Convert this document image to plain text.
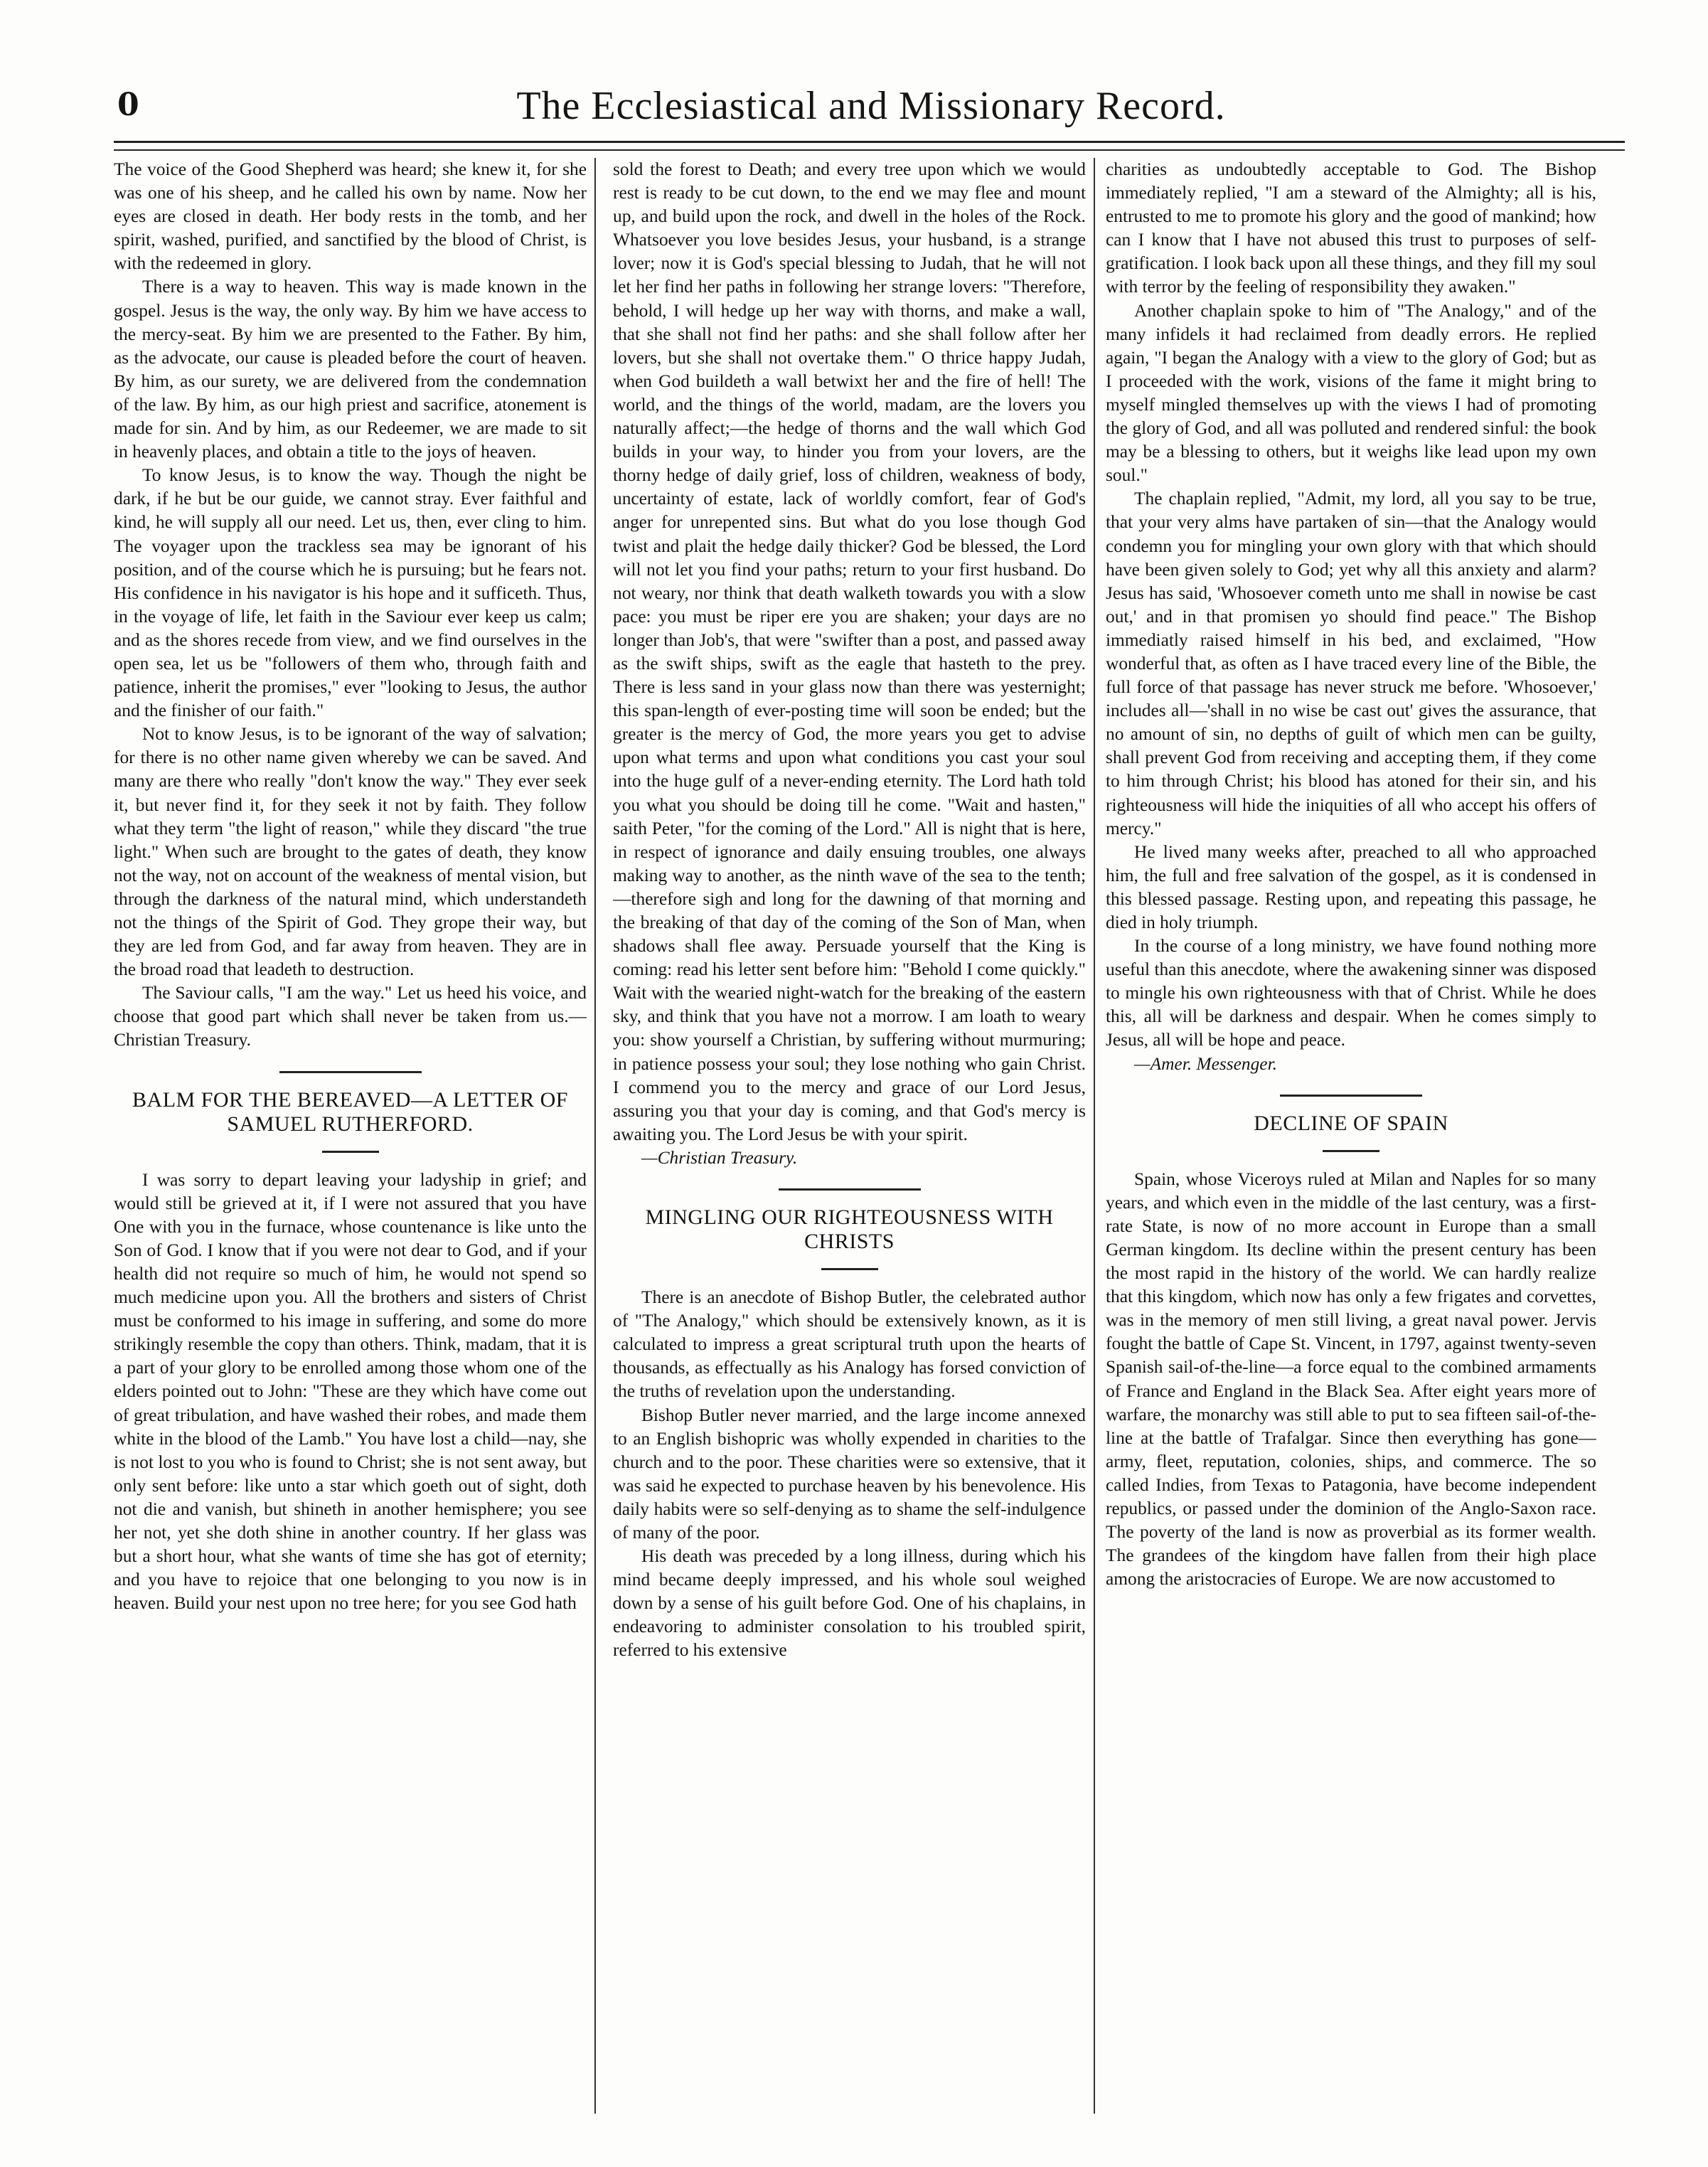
0	The Ecclesiastical and Missionary Record.

The voice of the Good Shepherd was heard; she knew it, for she was one of his sheep, and he called his own by name. Now her eyes are closed in death. Her body rests in the tomb, and her spirit, washed, purified, and sanctified by the blood of Christ, is with the redeemed in glory.

There is a way to heaven. This way is made known in the gospel. Jesus is the way, the only way. By him we have access to the mercy-seat. By him we are presented to the Father. By him, as the advocate, our cause is pleaded before the court of heaven. By him, as our surety, we are delivered from the condemnation of the law. By him, as our high priest and sacrifice, atonement is made for sin. And by him, as our Redeemer, we are made to sit in heavenly places, and obtain a title to the joys of heaven.

To know Jesus, is to know the way. Though the night be dark, if he but be our guide, we cannot stray. Ever faithful and kind, he will supply all our need. Let us, then, ever cling to him. The voyager upon the trackless sea may be ignorant of his position, and of the course which he is pursuing; but he fears not. His confidence in his navigator is his hope and it sufficeth. Thus, in the voyage of life, let faith in the Saviour ever keep us calm; and as the shores recede from view, and we find ourselves in the open sea, let us be "followers of them who, through faith and patience, inherit the promises," ever "looking to Jesus, the author and the finisher of our faith."

Not to know Jesus, is to be ignorant of the way of salvation; for there is no other name given whereby we can be saved. And many are there who really "don't know the way." They ever seek it, but never find it, for they seek it not by faith. They follow what they term "the light of reason," while they discard "the true light." When such are brought to the gates of death, they know not the way, not on account of the weakness of mental vision, but through the darkness of the natural mind, which understandeth not the things of the Spirit of God. They grope their way, but they are led from God, and far away from heaven. They are in the broad road that leadeth to destruction.

The Saviour calls, "I am the way." Let us heed his voice, and choose that good part which shall never be taken from us.—Christian Treasury.

BALM FOR THE BEREAVED—A LETTER OF SAMUEL RUTHERFORD.

I was sorry to depart leaving your ladyship in grief; and would still be grieved at it, if I were not assured that you have One with you in the furnace, whose countenance is like unto the Son of God. I know that if you were not dear to God, and if your health did not require so much of him, he would not spend so much medicine upon you. All the brothers and sisters of Christ must be conformed to his image in suffering, and some do more strikingly resemble the copy than others. Think, madam, that it is a part of your glory to be enrolled among those whom one of the elders pointed out to John: "These are they which have come out of great tribulation, and have washed their robes, and made them white in the blood of the Lamb." You have lost a child—nay, she is not lost to you who is found to Christ; she is not sent away, but only sent before: like unto a star which goeth out of sight, doth not die and vanish, but shineth in another hemisphere; you see her not, yet she doth shine in another country. If her glass was but a short hour, what she wants of time she has got of eternity; and you have to rejoice that one belonging to you now is in heaven. Build your nest upon no tree here; for you see God hath

sold the forest to Death; and every tree upon which we would rest is ready to be cut down, to the end we may flee and mount up, and build upon the rock, and dwell in the holes of the Rock. Whatsoever you love besides Jesus, your husband, is a strange lover; now it is God's special blessing to Judah, that he will not let her find her paths in following her strange lovers: "Therefore, behold, I will hedge up her way with thorns, and make a wall, that she shall not find her paths: and she shall follow after her lovers, but she shall not overtake them." O thrice happy Judah, when God buildeth a wall betwixt her and the fire of hell! The world, and the things of the world, madam, are the lovers you naturally affect;—the hedge of thorns and the wall which God builds in your way, to hinder you from your lovers, are the thorny hedge of daily grief, loss of children, weakness of body, uncertainty of estate, lack of worldly comfort, fear of God's anger for unrepented sins. But what do you lose though God twist and plait the hedge daily thicker? God be blessed, the Lord will not let you find your paths; return to your first husband. Do not weary, nor think that death walketh towards you with a slow pace: you must be riper ere you are shaken; your days are no longer than Job's, that were "swifter than a post, and passed away as the swift ships, swift as the eagle that hasteth to the prey. There is less sand in your glass now than there was yesternight; this span-length of ever-posting time will soon be ended; but the greater is the mercy of God, the more years you get to advise upon what terms and upon what conditions you cast your soul into the huge gulf of a never-ending eternity. The Lord hath told you what you should be doing till he come. "Wait and hasten," saith Peter, "for the coming of the Lord." All is night that is here, in respect of ignorance and daily ensuing troubles, one always making way to another, as the ninth wave of the sea to the tenth;—therefore sigh and long for the dawning of that morning and the breaking of that day of the coming of the Son of Man, when shadows shall flee away. Persuade yourself that the King is coming: read his letter sent before him: "Behold I come quickly." Wait with the wearied night-watch for the breaking of the eastern sky, and think that you have not a morrow. I am loath to weary you: show yourself a Christian, by suffering without murmuring; in patience possess your soul; they lose nothing who gain Christ. I commend you to the mercy and grace of our Lord Jesus, assuring you that your day is coming, and that God's mercy is awaiting you. The Lord Jesus be with your spirit.

—Christian Treasury.

MINGLING OUR RIGHTEOUSNESS WITH CHRISTS

There is an anecdote of Bishop Butler, the celebrated author of "The Analogy," which should be extensively known, as it is calculated to impress a great scriptural truth upon the hearts of thousands, as effectually as his Analogy has forsed conviction of the truths of revelation upon the understanding.

Bishop Butler never married, and the large income annexed to an English bishopric was wholly expended in charities to the church and to the poor. These charities were so extensive, that it was said he expected to purchase heaven by his benevolence. His daily habits were so self-denying as to shame the self-indulgence of many of the poor.

His death was preceded by a long illness, during which his mind became deeply impressed, and his whole soul weighed down by a sense of his guilt before God. One of his chaplains, in endeavoring to administer consolation to his troubled spirit, referred to his extensive

charities as undoubtedly acceptable to God. The Bishop immediately replied, "I am a steward of the Almighty; all is his, entrusted to me to promote his glory and the good of mankind; how can I know that I have not abused this trust to purposes of self-gratification. I look back upon all these things, and they fill my soul with terror by the feeling of responsibility they awaken."

Another chaplain spoke to him of "The Analogy," and of the many infidels it had reclaimed from deadly errors. He replied again, "I began the Analogy with a view to the glory of God; but as I proceeded with the work, visions of the fame it might bring to myself mingled themselves up with the views I had of promoting the glory of God, and all was polluted and rendered sinful: the book may be a blessing to others, but it weighs like lead upon my own soul."

The chaplain replied, "Admit, my lord, all you say to be true, that your very alms have partaken of sin—that the Analogy would condemn you for mingling your own glory with that which should have been given solely to God; yet why all this anxiety and alarm? Jesus has said, 'Whosoever cometh unto me shall in nowise be cast out,' and in that promisen yo should find peace." The Bishop immediatly raised himself in his bed, and exclaimed, "How wonderful that, as often as I have traced every line of the Bible, the full force of that passage has never struck me before. 'Whosoever,' includes all—'shall in no wise be cast out' gives the assurance, that no amount of sin, no depths of guilt of which men can be guilty, shall prevent God from receiving and accepting them, if they come to him through Christ; his blood has atoned for their sin, and his righteousness will hide the iniquities of all who accept his offers of mercy."

He lived many weeks after, preached to all who approached him, the full and free salvation of the gospel, as it is condensed in this blessed passage. Resting upon, and repeating this passage, he died in holy triumph.

In the course of a long ministry, we have found nothing more useful than this anecdote, where the awakening sinner was disposed to mingle his own righteousness with that of Christ. While he does this, all will be darkness and despair. When he comes simply to Jesus, all will be hope and peace.

—Amer. Messenger.

DECLINE OF SPAIN

Spain, whose Viceroys ruled at Milan and Naples for so many years, and which even in the middle of the last century, was a first-rate State, is now of no more account in Europe than a small German kingdom. Its decline within the present century has been the most rapid in the history of the world. We can hardly realize that this kingdom, which now has only a few frigates and corvettes, was in the memory of men still living, a great naval power. Jervis fought the battle of Cape St. Vincent, in 1797, against twenty-seven Spanish sail-of-the-line—a force equal to the combined armaments of France and England in the Black Sea. After eight years more of warfare, the monarchy was still able to put to sea fifteen sail-of-the-line at the battle of Trafalgar. Since then everything has gone—army, fleet, reputation, colonies, ships, and commerce. The so called Indies, from Texas to Patagonia, have become independent republics, or passed under the dominion of the Anglo-Saxon race. The poverty of the land is now as proverbial as its former wealth. The grandees of the kingdom have fallen from their high place among the aristocracies of Europe. We are now accustomed to
